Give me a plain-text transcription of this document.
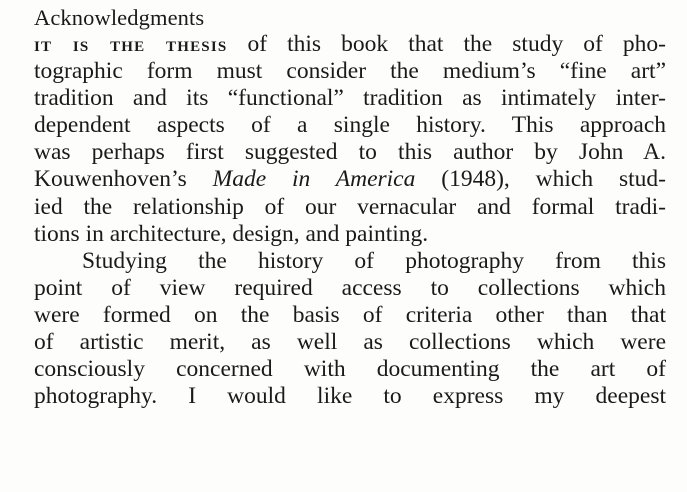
Acknowledgments
it is the thesis of this book that the study of pho-
tographic form must consider the medium’s “fine art”
tradition and its “functional” tradition as intimately inter-
dependent aspects of a single history. This approach
was perhaps first suggested to this author by John A.
Kouwenhoven’s Made in America (1948), which stud-
ied the relationship of our vernacular and formal tradi-
tions in architecture, design, and painting.
Studying the history of photography from this
point of view required access to collections which
were formed on the basis of criteria other than that
of artistic merit, as well as collections which were
consciously concerned with documenting the art of
photography. I would like to express my deepest
